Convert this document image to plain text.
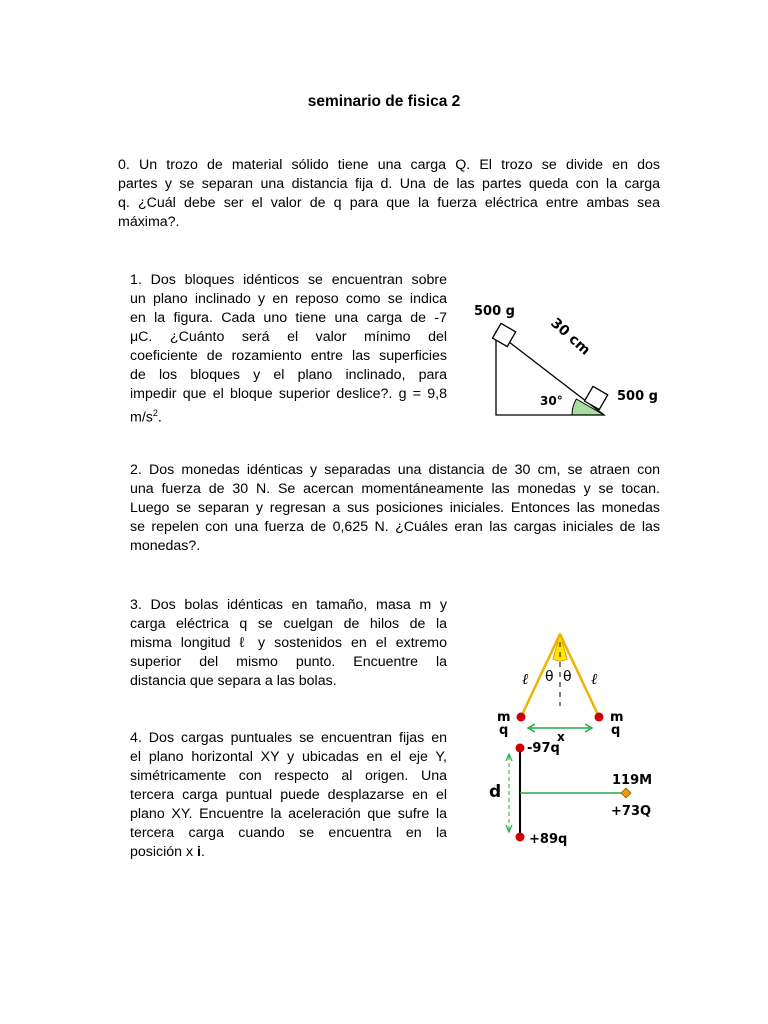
seminario de fisica 2
0. Un trozo de material sólido tiene una carga Q. El trozo se divide en dos
partes y se separan una distancia fija d. Una de las partes queda con la carga
q. ¿Cuál debe ser el valor de q para que la fuerza eléctrica entre ambas sea
máxima?.
1. Dos bloques idénticos se encuentran sobre
un plano inclinado y en reposo como se indica
en la figura. Cada uno tiene una carga de -7
μC. ¿Cuánto será el valor mínimo del
coeficiente de rozamiento entre las superficies
de los bloques y el plano inclinado, para
impedir que el bloque superior deslice?. g = 9,8
$m/s^2$.
500 g
500 g
30 cm
30°
2. Dos monedas idénticas y separadas una distancia de 30 cm, se atraen con
una fuerza de 30 N. Se acercan momentáneamente las monedas y se tocan.
Luego se separan y regresan a sus posiciones iniciales. Entonces las monedas
se repelen con una fuerza de 0,625 N. ¿Cuáles eran las cargas iniciales de las
monedas?.
3. Dos bolas idénticas en tamaño, masa m y
carga eléctrica q se cuelgan de hilos de la
misma longitud ℓ y sostenidos en el extremo
superior del mismo punto. Encuentre la
distancia que separa a las bolas.
4. Dos cargas puntuales se encuentran fijas en
el plano horizontal XY y ubicadas en el eje Y,
simétricamente con respecto al origen. Una
tercera carga puntual puede desplazarse en el
plano XY. Encuentre la aceleración que sufre la
tercera carga cuando se encuentra en la
posición x i.
ℓ	ℓ
θ θ
m
q
m
q
x
-97q
+89q
d
119M
+73Q
